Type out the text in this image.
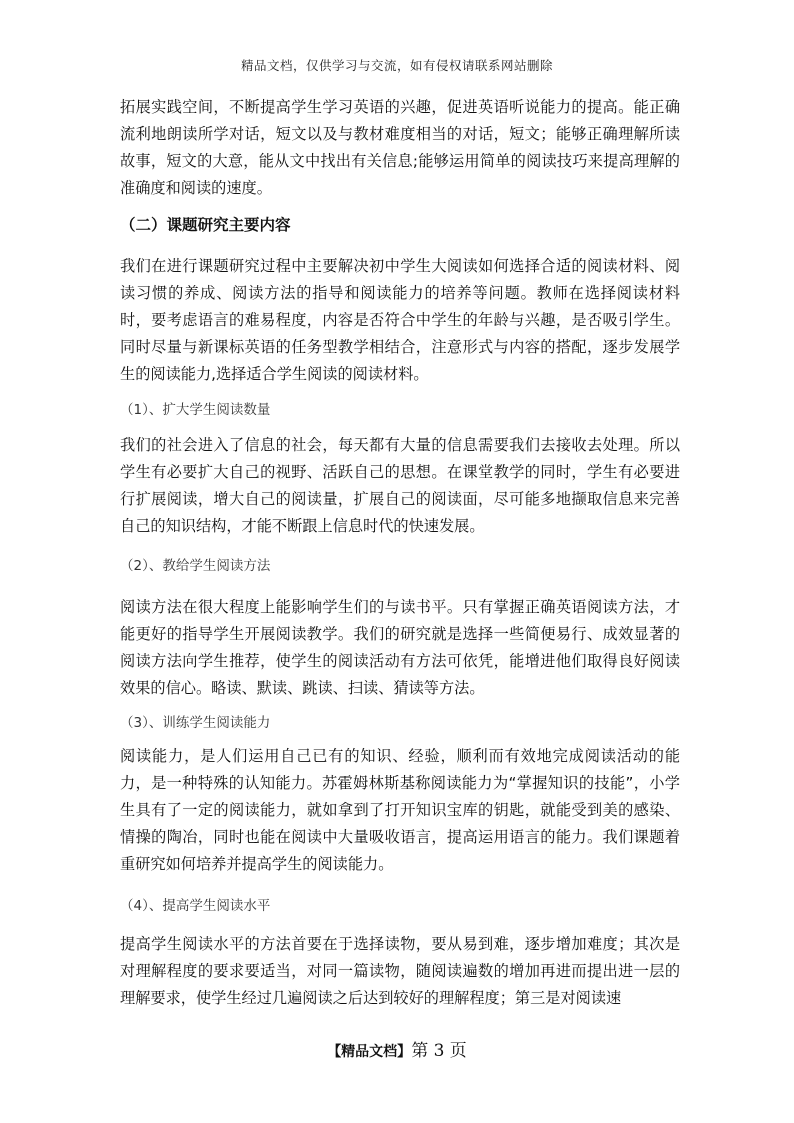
精品文档，仅供学习与交流，如有侵权请联系网站删除

拓展实践空间，不断提高学生学习英语的兴趣，促进英语听说能力的提高。能正确流利地朗读所学对话，短文以及与教材难度相当的对话，短文；能够正确理解所读故事，短文的大意，能从文中找出有关信息;能够运用简单的阅读技巧来提高理解的准确度和阅读的速度。

（二）课题研究主要内容

我们在进行课题研究过程中主要解决初中学生大阅读如何选择合适的阅读材料、阅读习惯的养成、阅读方法的指导和阅读能力的培养等问题。教师在选择阅读材料时，要考虑语言的难易程度，内容是否符合中学生的年龄与兴趣，是否吸引学生。同时尽量与新课标英语的任务型教学相结合，注意形式与内容的搭配，逐步发展学生的阅读能力,选择适合学生阅读的阅读材料。

（1）、扩大学生阅读数量

我们的社会进入了信息的社会，每天都有大量的信息需要我们去接收去处理。所以学生有必要扩大自己的视野、活跃自己的思想。在课堂教学的同时，学生有必要进行扩展阅读，增大自己的阅读量，扩展自己的阅读面，尽可能多地撷取信息来完善自己的知识结构，才能不断跟上信息时代的快速发展。

（2）、教给学生阅读方法

阅读方法在很大程度上能影响学生们的与读书平。只有掌握正确英语阅读方法，才能更好的指导学生开展阅读教学。我们的研究就是选择一些简便易行、成效显著的阅读方法向学生推荐，使学生的阅读活动有方法可依凭，能增进他们取得良好阅读效果的信心。略读、默读、跳读、扫读、猜读等方法。

（3）、训练学生阅读能力

阅读能力，是人们运用自己已有的知识、经验，顺利而有效地完成阅读活动的能力，是一种特殊的认知能力。苏霍姆林斯基称阅读能力为“掌握知识的技能”，小学生具有了一定的阅读能力，就如拿到了打开知识宝库的钥匙，就能受到美的感染、情操的陶冶，同时也能在阅读中大量吸收语言，提高运用语言的能力。我们课题着重研究如何培养并提高学生的阅读能力。

（4）、提高学生阅读水平

提高学生阅读水平的方法首要在于选择读物，要从易到难，逐步增加难度；其次是对理解程度的要求要适当，对同一篇读物，随阅读遍数的增加再进而提出进一层的理解要求，使学生经过几遍阅读之后达到较好的理解程度；第三是对阅读速

【精品文档】第 3 页
